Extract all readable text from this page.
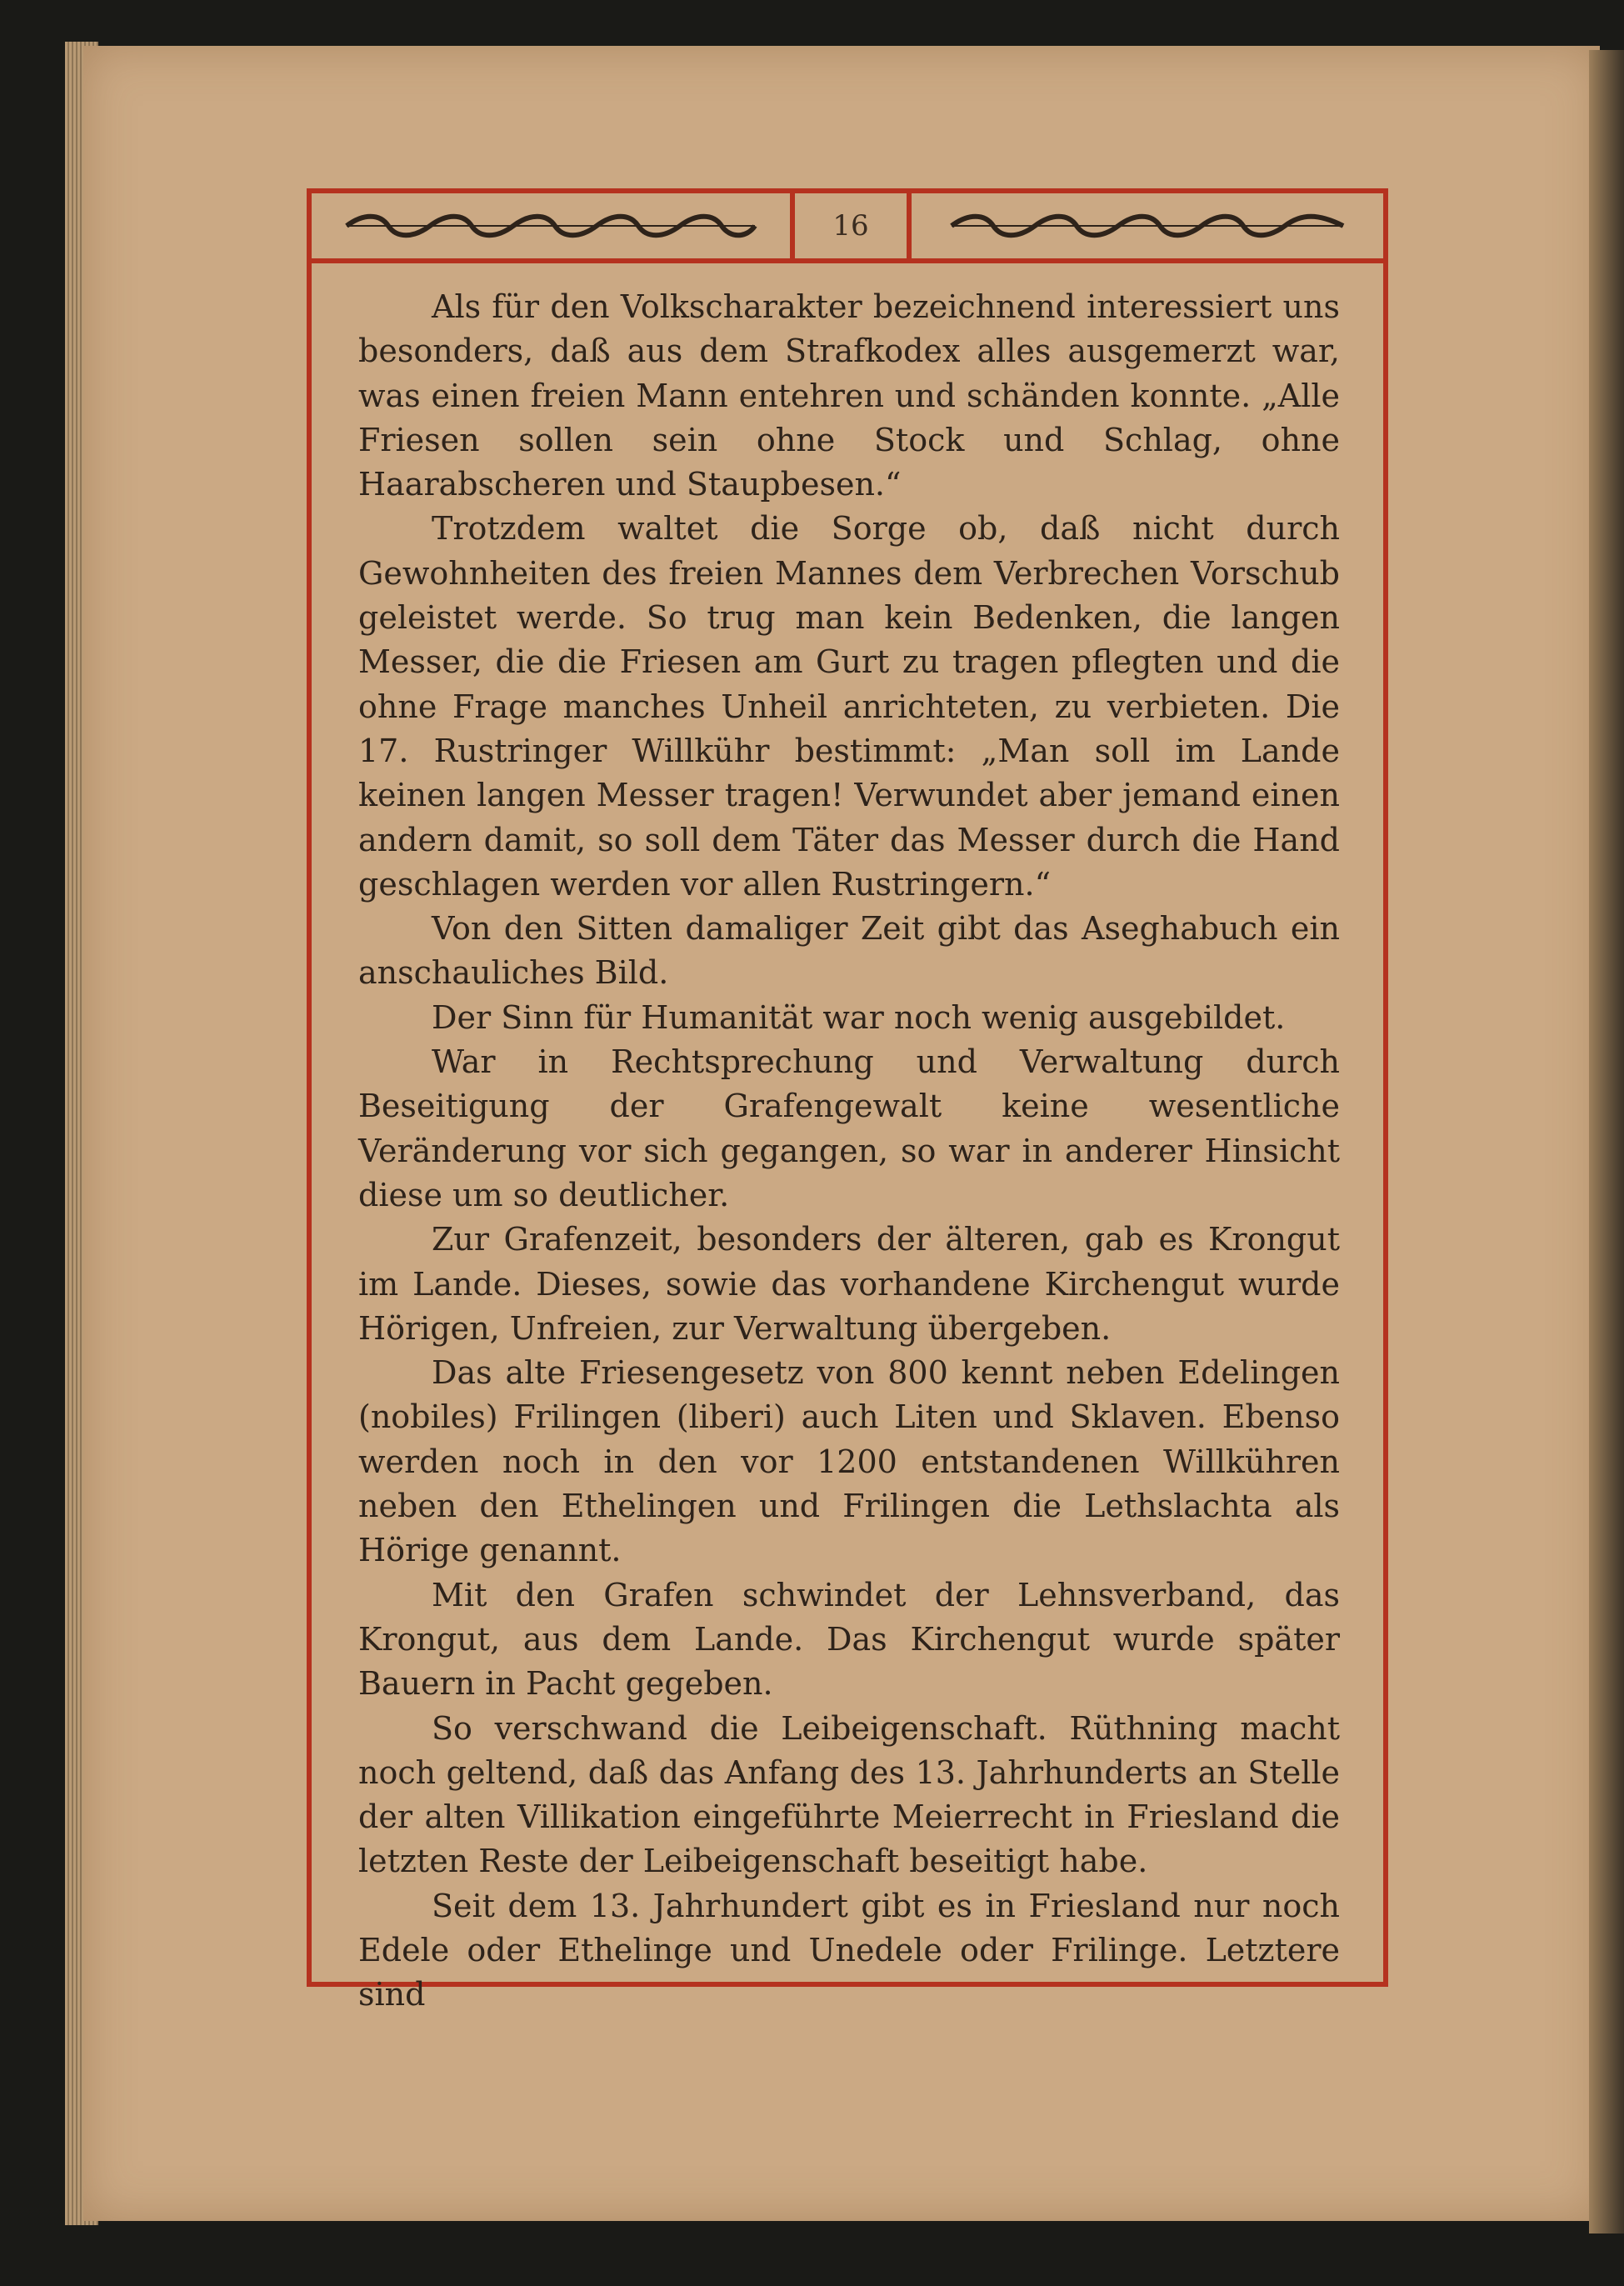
16

Als für den Volkscharakter bezeichnend interessiert uns besonders, daß aus dem Strafkodex alles ausgemerzt war, was einen freien Mann entehren und schänden konnte. „Alle Friesen sollen sein ohne Stock und Schlag, ohne Haarabscheren und Staupbesen.“

Trotzdem waltet die Sorge ob, daß nicht durch Gewohnheiten des freien Mannes dem Verbrechen Vorschub geleistet werde. So trug man kein Bedenken, die langen Messer, die die Friesen am Gurt zu tragen pflegten und die ohne Frage manches Unheil anrichteten, zu verbieten. Die 17. Rustringer Willkühr bestimmt: „Man soll im Lande keinen langen Messer tragen! Verwundet aber jemand einen andern damit, so soll dem Täter das Messer durch die Hand geschlagen werden vor allen Rustringern.“

Von den Sitten damaliger Zeit gibt das Aseghabuch ein anschauliches Bild.

Der Sinn für Humanität war noch wenig ausgebildet.

War in Rechtsprechung und Verwaltung durch Beseitigung der Grafengewalt keine wesentliche Veränderung vor sich gegangen, so war in anderer Hinsicht diese um so deutlicher.

Zur Grafenzeit, besonders der älteren, gab es Krongut im Lande. Dieses, sowie das vorhandene Kirchengut wurde Hörigen, Unfreien, zur Verwaltung übergeben.

Das alte Friesengesetz von 800 kennt neben Edelingen (nobiles) Frilingen (liberi) auch Liten und Sklaven. Ebenso werden noch in den vor 1200 entstandenen Willkühren neben den Ethelingen und Frilingen die Lethslachta als Hörige genannt.

Mit den Grafen schwindet der Lehnsverband, das Krongut, aus dem Lande. Das Kirchengut wurde später Bauern in Pacht gegeben.

So verschwand die Leibeigenschaft. Rüthning macht noch geltend, daß das Anfang des 13. Jahrhunderts an Stelle der alten Villikation eingeführte Meierrecht in Friesland die letzten Reste der Leibeigenschaft beseitigt habe.

Seit dem 13. Jahrhundert gibt es in Friesland nur noch Edele oder Ethelinge und Unedele oder Frilinge. Letztere sind
